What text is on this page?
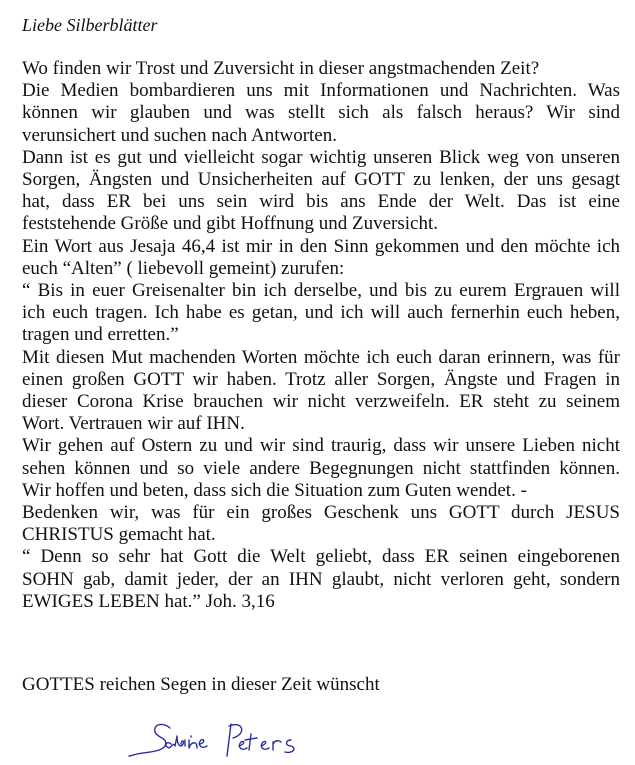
Liebe Silberblätter
Wo finden wir Trost und Zuversicht in dieser angstmachenden Zeit?
Die Medien bombardieren uns mit Informationen und Nachrichten. Was
können wir glauben und was stellt sich als falsch heraus? Wir sind
verunsichert und suchen nach Antworten.
Dann ist es gut und vielleicht sogar wichtig unseren Blick weg von unseren
Sorgen, Ängsten und Unsicherheiten auf GOTT zu lenken, der uns gesagt
hat, dass ER bei uns sein wird bis ans Ende der Welt. Das ist eine
feststehende Größe und gibt Hoffnung und Zuversicht.
Ein Wort aus Jesaja 46,4 ist mir in den Sinn gekommen und den möchte ich
euch “Alten” ( liebevoll gemeint) zurufen:
“ Bis in euer Greisenalter bin ich derselbe, und bis zu eurem Ergrauen will
ich euch tragen. Ich habe es getan, und ich will auch fernerhin euch heben,
tragen und erretten.”
Mit diesen Mut machenden Worten möchte ich euch daran erinnern, was für
einen großen GOTT wir haben. Trotz aller Sorgen, Ängste und Fragen in
dieser Corona Krise brauchen wir nicht verzweifeln. ER steht zu seinem
Wort. Vertrauen wir auf IHN.
Wir gehen auf Ostern zu und wir sind traurig, dass wir unsere Lieben nicht
sehen können und so viele andere Begegnungen nicht stattfinden können.
Wir hoffen und beten, dass sich die Situation zum Guten wendet. -
Bedenken wir, was für ein großes Geschenk uns GOTT durch JESUS
CHRISTUS gemacht hat.
“ Denn so sehr hat Gott die Welt geliebt, dass ER seinen eingeborenen
SOHN gab, damit jeder, der an IHN glaubt, nicht verloren geht, sondern
EWIGES LEBEN hat.” Joh. 3,16
GOTTES reichen Segen in dieser Zeit wünscht
